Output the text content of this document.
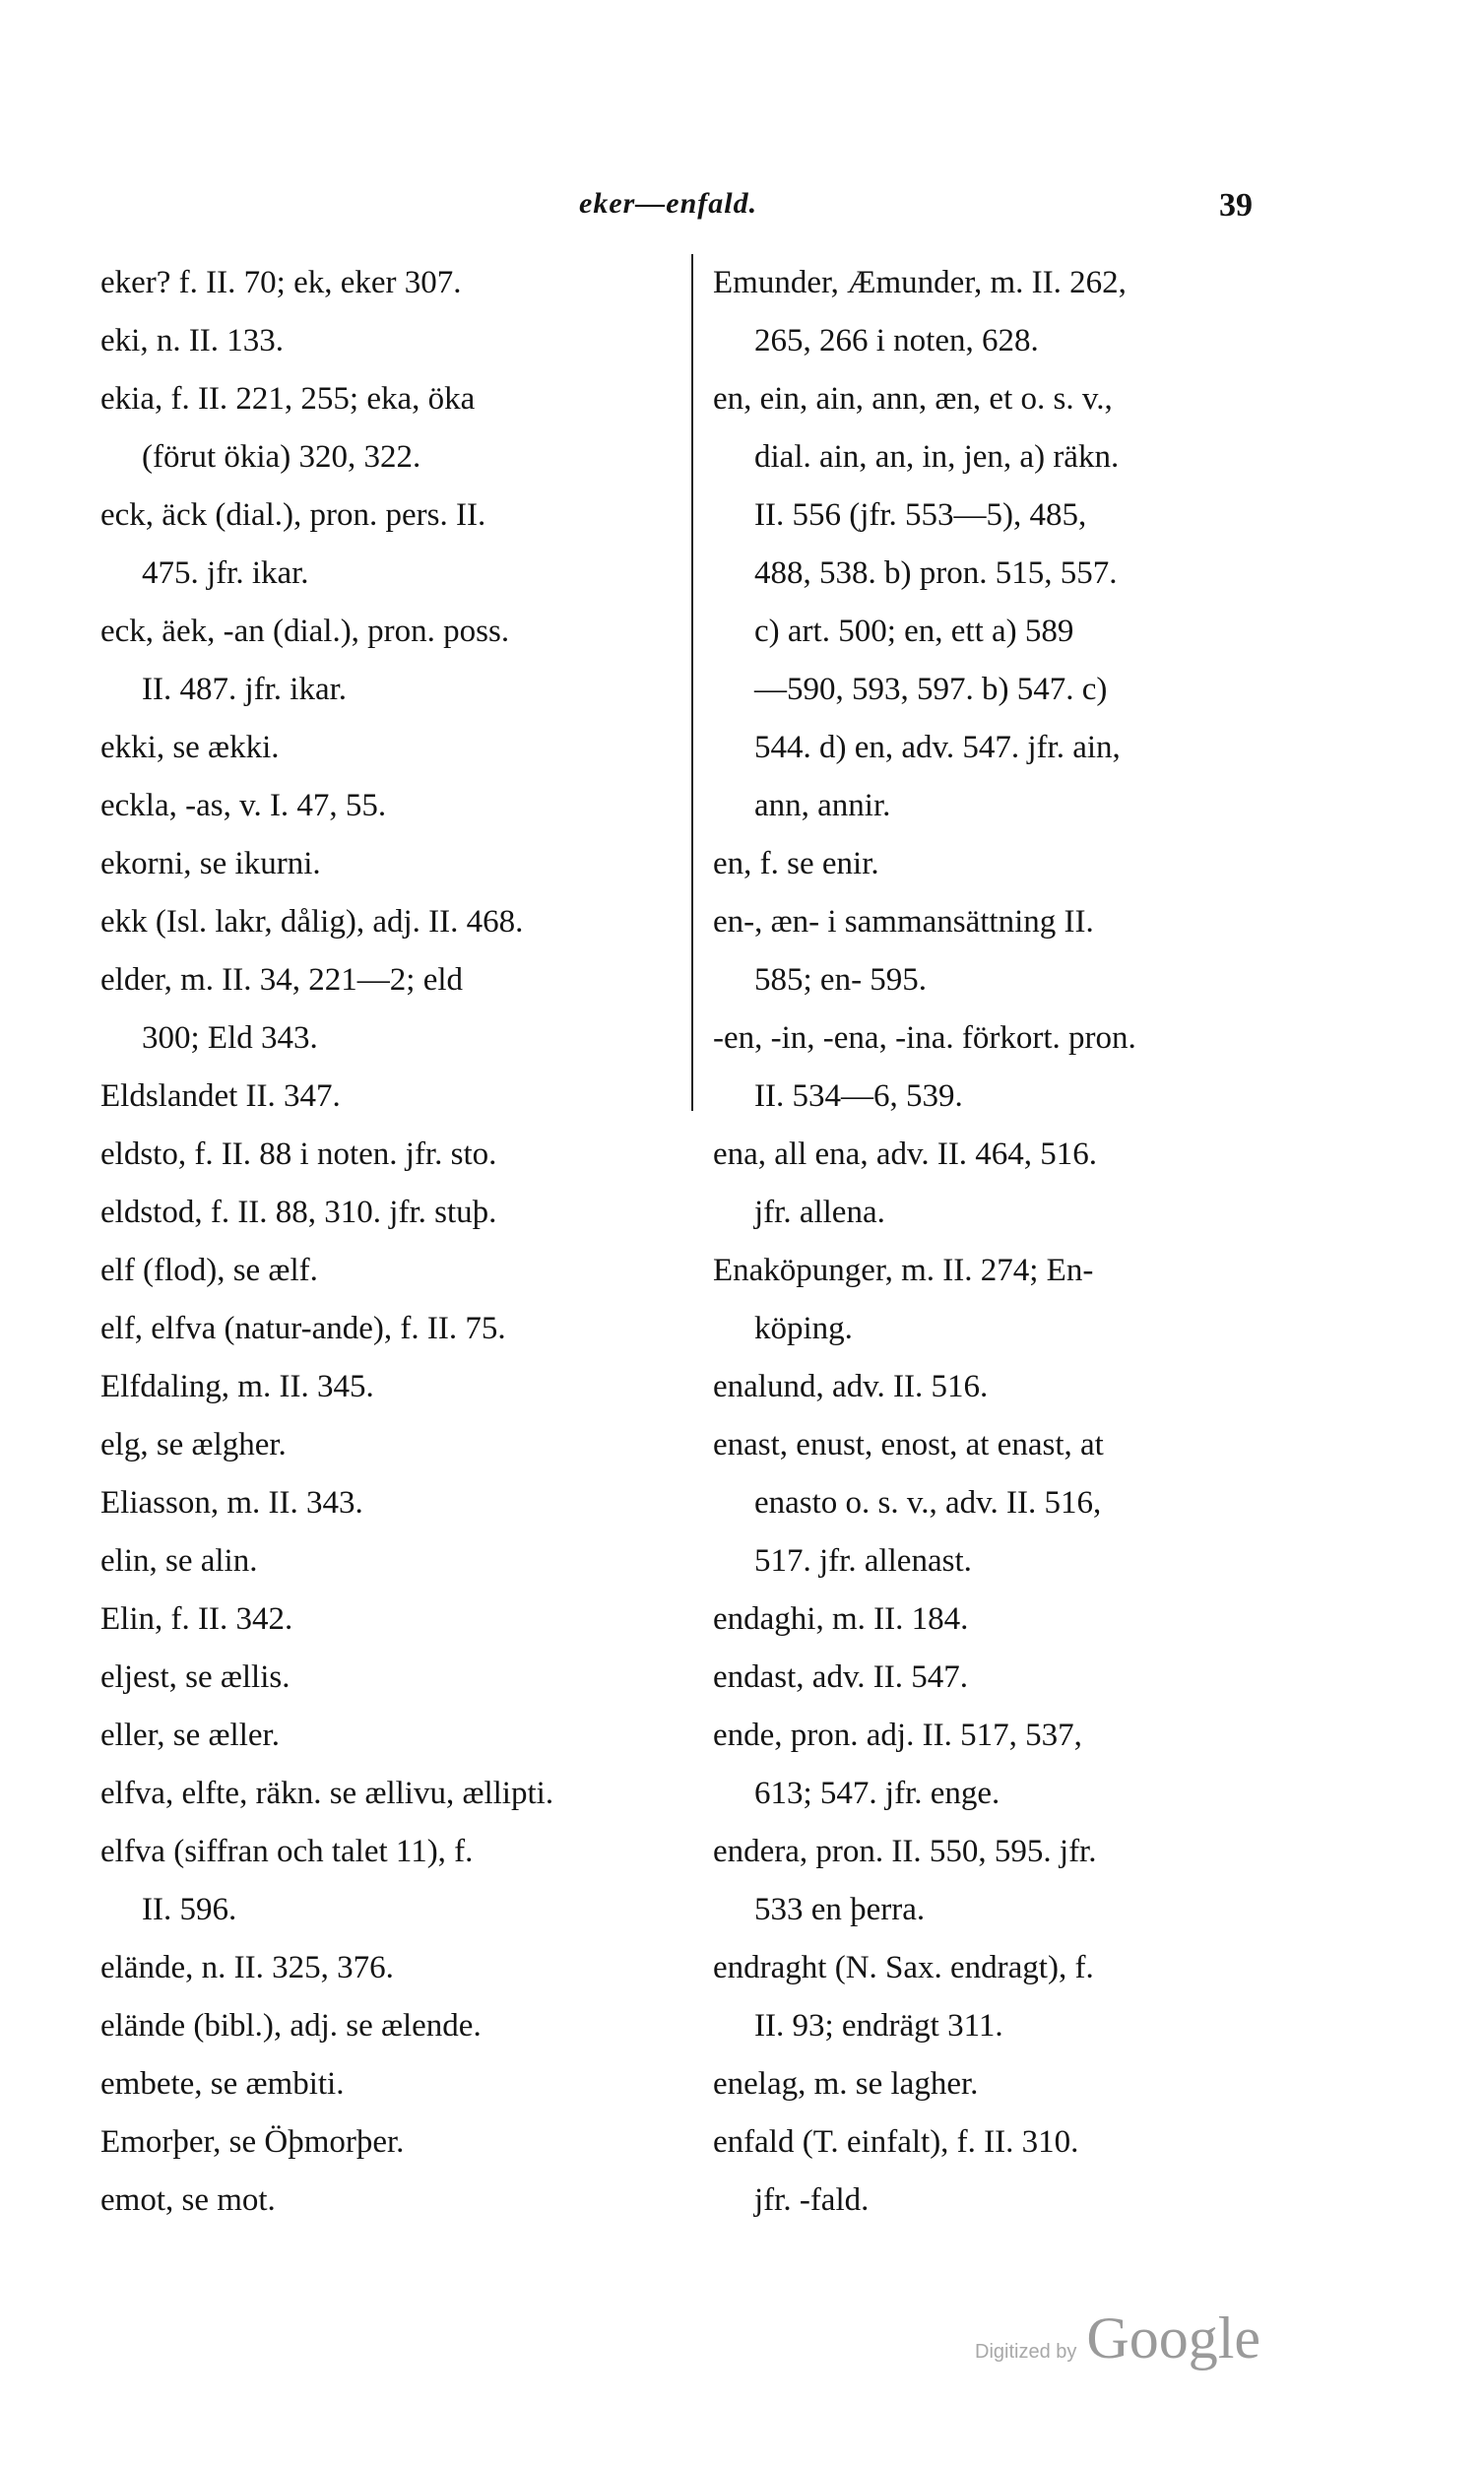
eker—enfald.	39
eker? f. II. 70; ek, eker 307.
eki, n. II. 133.
ekia, f. II. 221, 255; eka, öka
(förut ökia) 320, 322.
eck, äck (dial.), pron. pers. II.
475. jfr. ikar.
eck, äek, -an (dial.), pron. poss.
II. 487. jfr. ikar.
ekki, se ækki.
eckla, -as, v. I. 47, 55.
ekorni, se ikurni.
ekk (Isl. lakr, dålig), adj. II. 468.
elder, m. II. 34, 221—2; eld
300; Eld 343.
Eldslandet II. 347.
eldsto, f. II. 88 i noten. jfr. sto.
eldstod, f. II. 88, 310. jfr. stuþ.
elf (flod), se ælf.
elf, elfva (natur-ande), f. II. 75.
Elfdaling, m. II. 345.
elg, se ælgher.
Eliasson, m. II. 343.
elin, se alin.
Elin, f. II. 342.
eljest, se ællis.
eller, se æller.
elfva, elfte, räkn. se ællivu, ællipti.
elfva (siffran och talet 11), f.
II. 596.
elände, n. II. 325, 376.
elände (bibl.), adj. se ælende.
embete, se æmbiti.
Emorþer, se Öþmorþer.
emot, se mot.
Emunder, Æmunder, m. II. 262,
265, 266 i noten, 628.
en, ein, ain, ann, æn, et o. s. v.,
dial. ain, an, in, jen, a) räkn.
II. 556 (jfr. 553—5), 485,
488, 538. b) pron. 515, 557.
c) art. 500; en, ett a) 589
—590, 593, 597. b) 547. c)
544. d) en, adv. 547. jfr. ain,
ann, annir.
en, f. se enir.
en-, æn- i sammansättning II.
585; en- 595.
-en, -in, -ena, -ina. förkort. pron.
II. 534—6, 539.
ena, all ena, adv. II. 464, 516.
jfr. allena.
Enaköpunger, m. II. 274; En-
köping.
enalund, adv. II. 516.
enast, enust, enost, at enast, at
enasto o. s. v., adv. II. 516,
517. jfr. allenast.
endaghi, m. II. 184.
endast, adv. II. 547.
ende, pron. adj. II. 517, 537,
613; 547. jfr. enge.
endera, pron. II. 550, 595. jfr.
533 en þerra.
endraght (N. Sax. endragt), f.
II. 93; endrägt 311.
enelag, m. se lagher.
enfald (T. einfalt), f. II. 310.
jfr. -fald.
Digitized by Google
